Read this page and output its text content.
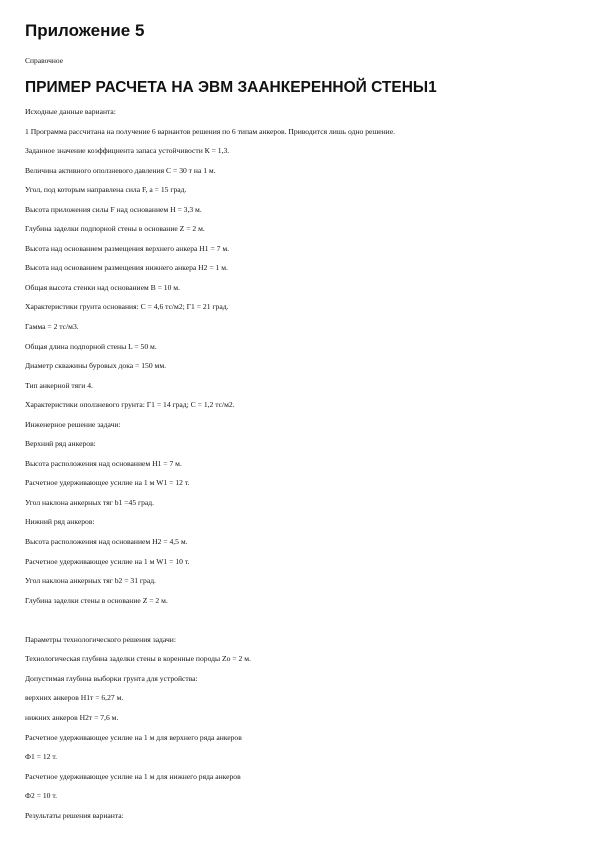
Приложение 5
Справочное
ПРИМЕР РАСЧЕТА НА ЭВМ ЗААНКЕРЕННОЙ СТЕНЫ1
Исходные данные варианта:
1 Программа рассчитана на получение 6 вариантов решения по 6 типам анкеров. Приводится лишь одно решение.
Заданное значение коэффициента запаса устойчивости К = 1,3.
Величина активного оползневого давления С = 30 т на 1 м.
Угол, под которым направлена сила F, а = 15 град.
Высота приложения силы F над основанием Н = 3,3 м.
Глубина заделки подпорной стены в основание Z = 2 м.
Высота над основанием размещения верхнего анкера Н1 = 7 м.
Высота над основанием размещения нижнего анкера Н2 = 1 м.
Общая высота стенки над основанием В = 10 м.
Характеристики грунта основания: С = 4,6 тс/м2; Г1 = 21 град.
Гамма = 2 тс/м3.
Общая длина подпорной стены L = 50 м.
Диаметр скважины буровых дока = 150 мм.
Тип анкерной тяги 4.
Характеристики оползневого грунта: Г1 = 14 град; С = 1,2 тс/м2.
Инженерное решение задачи:
Верхний ряд анкеров:
Высота расположения над основанием Н1 = 7 м.
Расчетное удерживающее усилие на 1 м W1 = 12 т.
Угол наклона анкерных тяг b1 =45 град.
Нижний ряд анкеров:
Высота расположения над основанием Н2 = 4,5 м.
Расчетное удерживающее усилие на 1 м W1 = 10 т.
Угол наклона анкерных тяг b2 = 31 град.
Глубина заделки стены в основание Z = 2 м.
Параметры технологического решения задачи:
Технологическая глубина заделки стены в коренные породы Zo = 2 м.
Допустимая глубина выборки грунта для устройства:
верхних анкеров Н1т = 6,27 м.
нижних анкеров Н2т = 7,6 м.
Расчетное удерживающее усилие на 1 м для верхнего ряда анкеров
Ф1 = 12 т.
Расчетное удерживающее усилие на 1 м для нижнего ряда анкеров
Ф2 = 10 т.
Результаты решения варианта:
